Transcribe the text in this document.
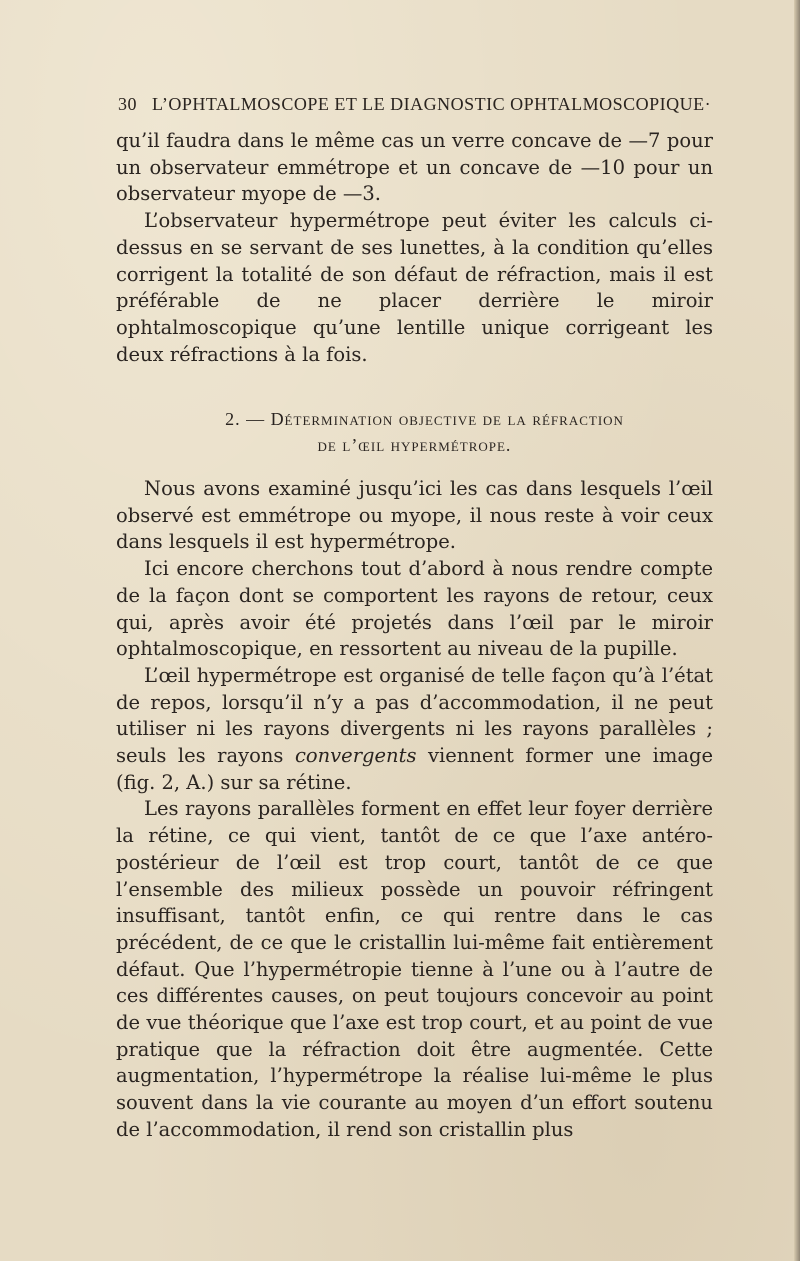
30 L’OPHTALMOSCOPE ET LE DIAGNOSTIC OPHTALMOSCOPIQUE·

qu’il faudra dans le même cas un verre concave de —7 pour un observateur emmétrope et un concave de —10 pour un observateur myope de —3.

L’observateur hypermétrope peut éviter les calculs ci-dessus en se servant de ses lunettes, à la condition qu’elles corrigent la totalité de son défaut de réfraction, mais il est préférable de ne placer derrière le miroir ophtalmoscopique qu’une lentille unique corrigeant les deux réfractions à la fois.

2. — Détermination objective de la réfraction
de l’œil hypermétrope.

Nous avons examiné jusqu’ici les cas dans lesquels l’œil observé est emmétrope ou myope, il nous reste à voir ceux dans lesquels il est hypermétrope.

Ici encore cherchons tout d’abord à nous rendre compte de la façon dont se comportent les rayons de retour, ceux qui, après avoir été projetés dans l’œil par le miroir ophtalmoscopique, en ressortent au niveau de la pupille.

L’œil hypermétrope est organisé de telle façon qu’à l’état de repos, lorsqu’il n’y a pas d’accommodation, il ne peut utiliser ni les rayons divergents ni les rayons parallèles ; seuls les rayons convergents viennent former une image (fig. 2, A.) sur sa rétine.

Les rayons parallèles forment en effet leur foyer derrière la rétine, ce qui vient, tantôt de ce que l’axe antéro-postérieur de l’œil est trop court, tantôt de ce que l’ensemble des milieux possède un pouvoir réfringent insuffisant, tantôt enfin, ce qui rentre dans le cas précédent, de ce que le cristallin lui-même fait entièrement défaut. Que l’hypermétropie tienne à l’une ou à l’autre de ces différentes causes, on peut toujours concevoir au point de vue théorique que l’axe est trop court, et au point de vue pratique que la réfraction doit être augmentée. Cette augmentation, l’hypermétrope la réalise lui-même le plus souvent dans la vie courante au moyen d’un effort soutenu de l’accommodation, il rend son cristallin plus
